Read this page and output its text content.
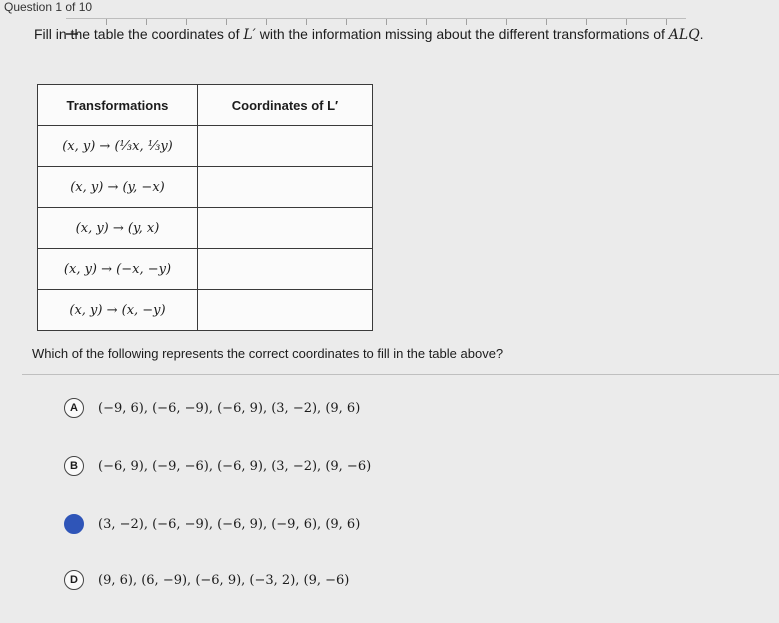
Question 1 of 10
Fill in the table the coordinates of L′ with the information missing about the different transformations of ALQ.
Transformations	Coordinates of L′
(x, y) → (⅓x, ⅓y)	
(x, y) → (y, −x)	
(x, y) → (y, x)	
(x, y) → (−x, −y)	
(x, y) → (x, −y)	
Which of the following represents the correct coordinates to fill in the table above?
A	(−9, 6), (−6, −9), (−6, 9), (3, −2), (9, 6)
B	(−6, 9), (−9, −6), (−6, 9), (3, −2), (9, −6)
(3, −2), (−6, −9), (−6, 9), (−9, 6), (9, 6)
D	(9, 6), (6, −9), (−6, 9), (−3, 2), (9, −6)
